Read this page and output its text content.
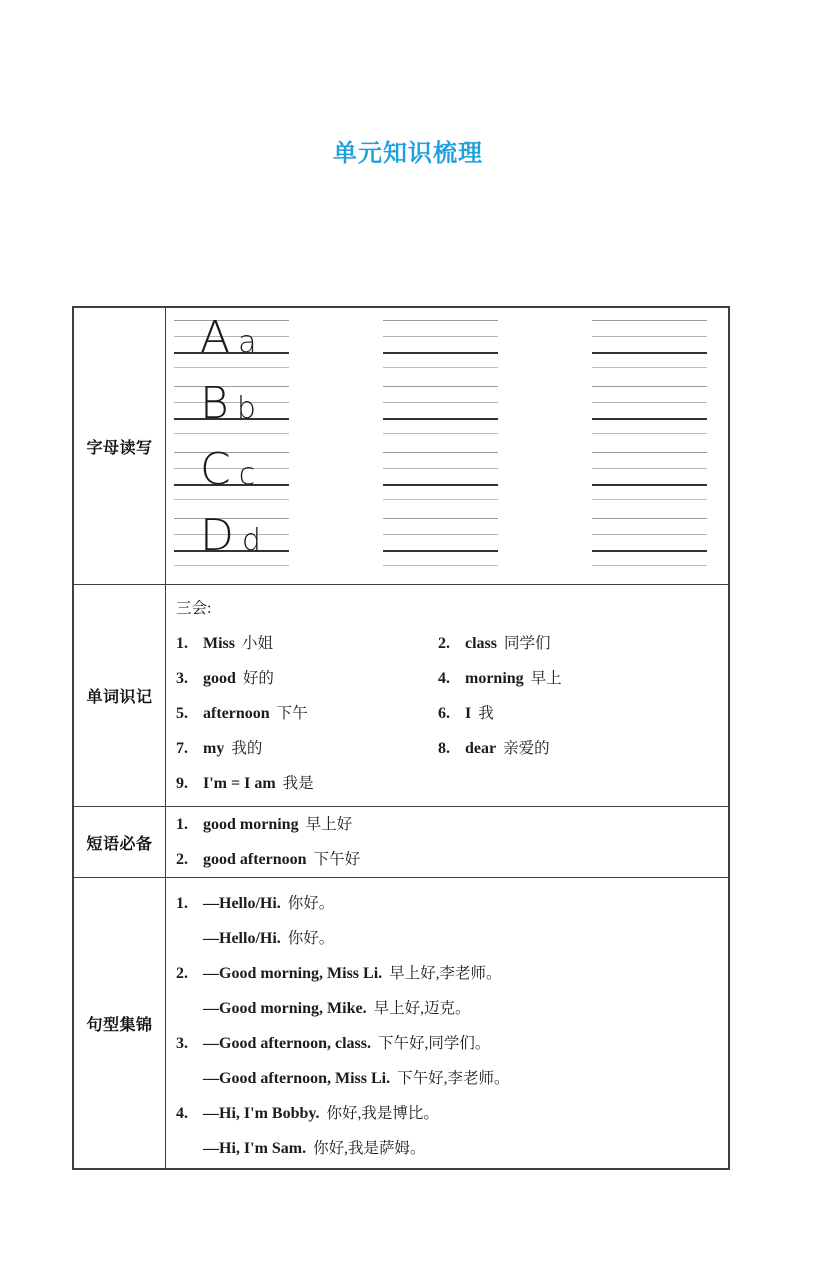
单元知识梳理
字母读写
A a
B b
C c
D d
单词识记
三会:
1. Miss 小姐	2. class 同学们
3. good 好的	4. morning 早上
5. afternoon 下午	6. I 我
7. my 我的	8. dear 亲爱的
9. I'm = I am 我是
短语必备
1. good morning 早上好
2. good afternoon 下午好
句型集锦
1. —Hello/Hi. 你好。
—Hello/Hi. 你好。
2. —Good morning, Miss Li. 早上好,李老师。
—Good morning, Mike. 早上好,迈克。
3. —Good afternoon, class. 下午好,同学们。
—Good afternoon, Miss Li. 下午好,李老师。
4. —Hi, I'm Bobby. 你好,我是博比。
—Hi, I'm Sam. 你好,我是萨姆。
